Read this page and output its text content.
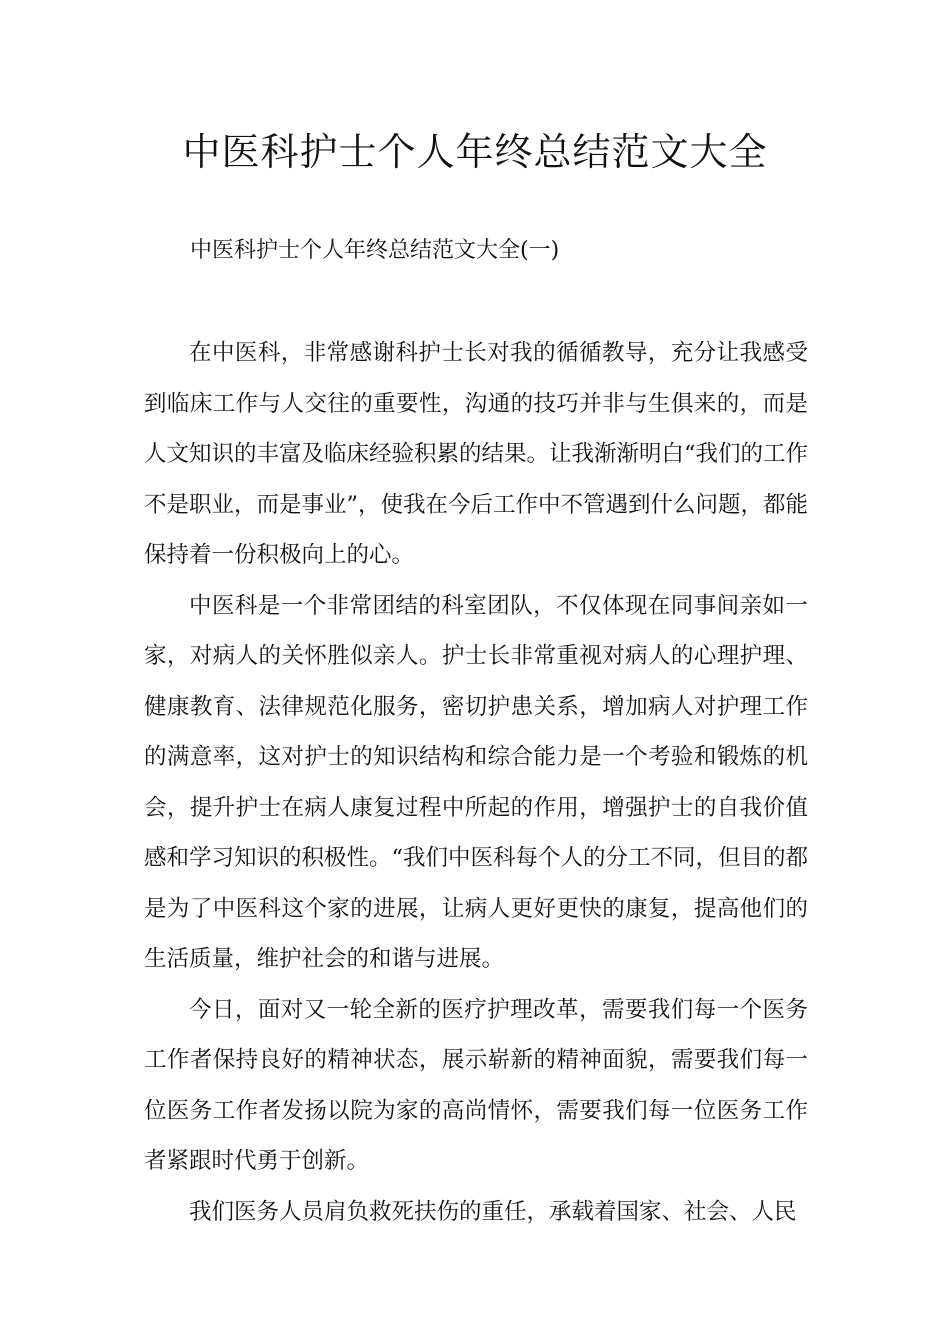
中医科护士个人年终总结范文大全

中医科护士个人年终总结范文大全(一)

在中医科，非常感谢科护士长对我的循循教导，充分让我感受到临床工作与人交往的重要性，沟通的技巧并非与生俱来的，而是人文知识的丰富及临床经验积累的结果。让我渐渐明白“我们的工作不是职业，而是事业”，使我在今后工作中不管遇到什么问题，都能保持着一份积极向上的心。

中医科是一个非常团结的科室团队，不仅体现在同事间亲如一家，对病人的关怀胜似亲人。护士长非常重视对病人的心理护理、健康教育、法律规范化服务，密切护患关系，增加病人对护理工作的满意率，这对护士的知识结构和综合能力是一个考验和锻炼的机会，提升护士在病人康复过程中所起的作用，增强护士的自我价值感和学习知识的积极性。“我们中医科每个人的分工不同，但目的都是为了中医科这个家的进展，让病人更好更快的康复，提高他们的生活质量，维护社会的和谐与进展。

今日，面对又一轮全新的医疗护理改革，需要我们每一个医务工作者保持良好的精神状态，展示崭新的精神面貌，需要我们每一位医务工作者发扬以院为家的高尚情怀，需要我们每一位医务工作者紧跟时代勇于创新。

我们医务人员肩负救死扶伤的重任，承载着国家、社会、人民
